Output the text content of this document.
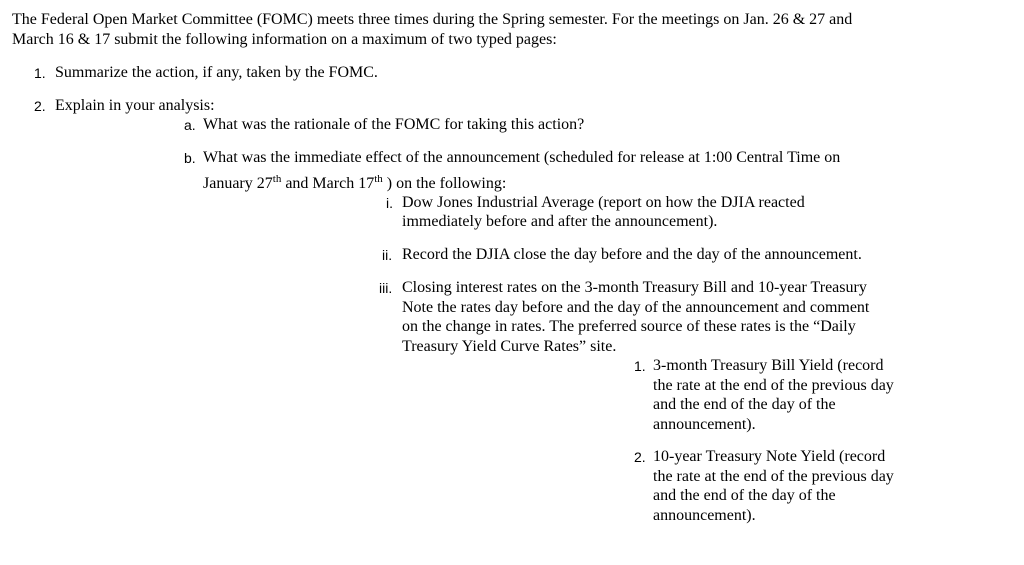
The Federal Open Market Committee (FOMC) meets three times during the Spring semester. For the meetings on Jan. 26 & 27 and
March 16 & 17 submit the following information on a maximum of two typed pages:
1. Summarize the action, if any, taken by the FOMC.
2. Explain in your analysis:
a. What was the rationale of the FOMC for taking this action?
b. What was the immediate effect of the announcement (scheduled for release at 1:00 Central Time on
January 27th and March 17th ) on the following:
i. Dow Jones Industrial Average (report on how the DJIA reacted
immediately before and after the announcement).
ii. Record the DJIA close the day before and the day of the announcement.
iii. Closing interest rates on the 3-month Treasury Bill and 10-year Treasury
Note the rates day before and the day of the announcement and comment
on the change in rates. The preferred source of these rates is the “Daily
Treasury Yield Curve Rates” site.
1. 3-month Treasury Bill Yield (record
the rate at the end of the previous day
and the end of the day of the
announcement).
2. 10-year Treasury Note Yield (record
the rate at the end of the previous day
and the end of the day of the
announcement).
